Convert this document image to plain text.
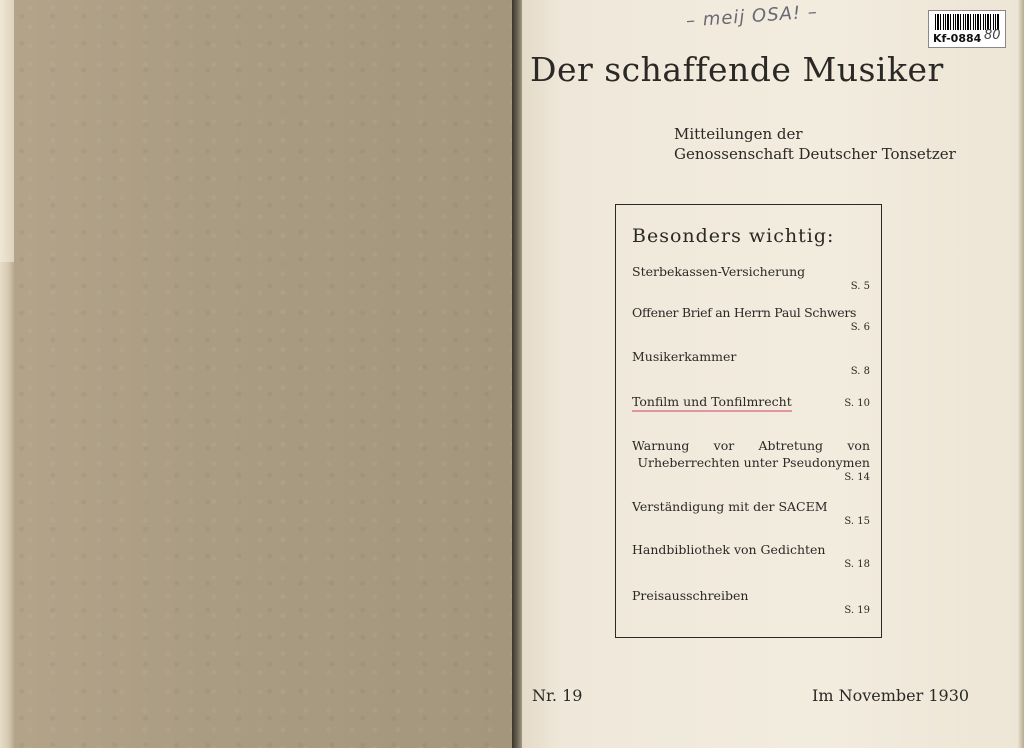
– meij OSA! –
Kf-0884 80
Der schaffende Musiker
Mitteilungen der
Genossenschaft Deutscher Tonsetzer
Besonders wichtig:
Sterbekassen-Versicherung
S. 5
Offener Brief an Herrn Paul Schwers
S. 6
Musikerkammer
S. 8
Tonfilm und Tonfilmrecht	S. 10
Warnung vor Abtretung von Urheberrechten unter Pseudonymen
S. 14
Verständigung mit der SACEM
S. 15
Handbibliothek von Gedichten
S. 18
Preisausschreiben
S. 19
Nr. 19	Im November 1930
